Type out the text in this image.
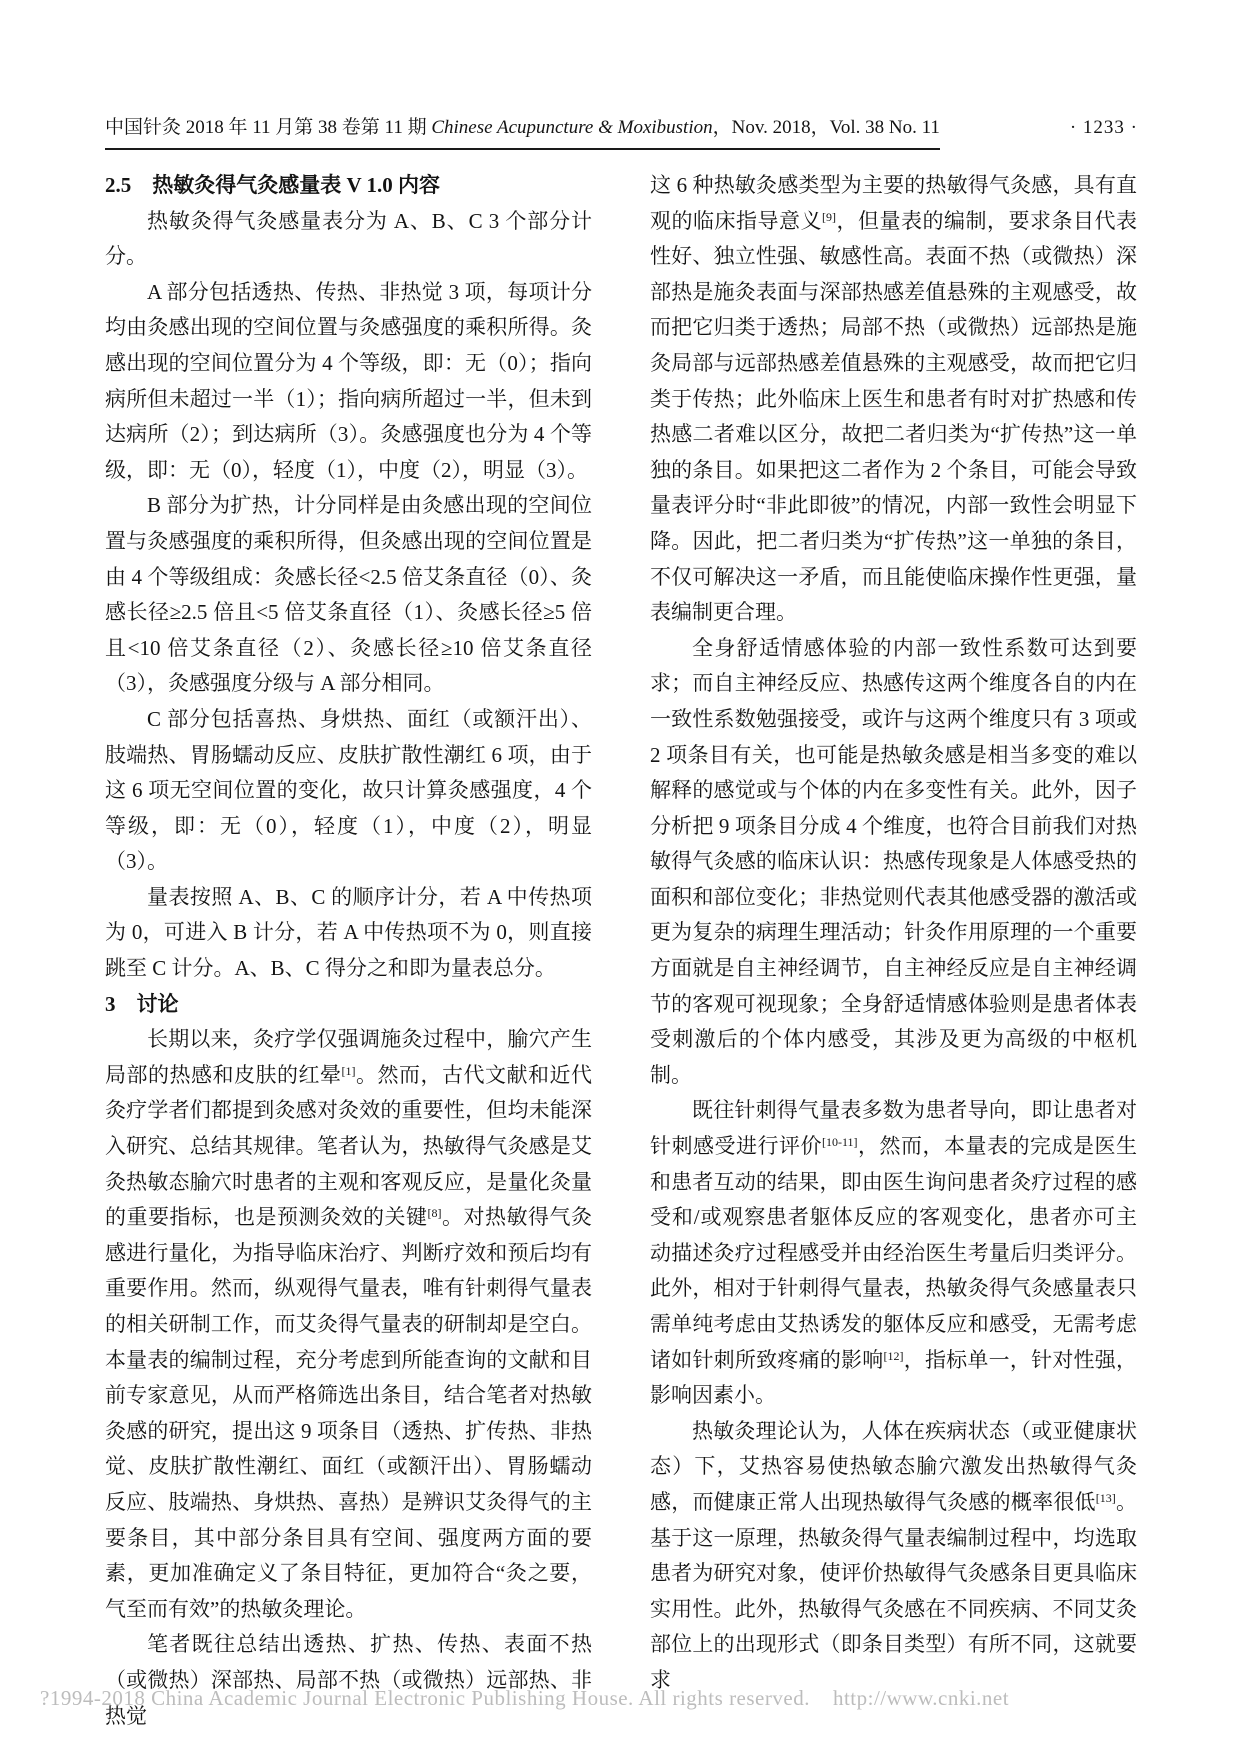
中国针灸 2018 年 11 月第 38 卷第 11 期 Chinese Acupuncture & Moxibustion，Nov. 2018，Vol. 38 No. 11	· 1233 ·
2.5　热敏灸得气灸感量表 V 1.0 内容
热敏灸得气灸感量表分为 A、B、C 3 个部分计分。
A 部分包括透热、传热、非热觉 3 项，每项计分均由灸感出现的空间位置与灸感强度的乘积所得。灸感出现的空间位置分为 4 个等级，即：无（0）；指向病所但未超过一半（1）；指向病所超过一半，但未到达病所（2）；到达病所（3）。灸感强度也分为 4 个等级，即：无（0），轻度（1），中度（2），明显（3）。
B 部分为扩热，计分同样是由灸感出现的空间位置与灸感强度的乘积所得，但灸感出现的空间位置是由 4 个等级组成：灸感长径<2.5 倍艾条直径（0）、灸感长径≥2.5 倍且<5 倍艾条直径（1）、灸感长径≥5 倍且<10 倍艾条直径（2）、灸感长径≥10 倍艾条直径（3），灸感强度分级与 A 部分相同。
C 部分包括喜热、身烘热、面红（或额汗出）、肢端热、胃肠蠕动反应、皮肤扩散性潮红 6 项，由于这 6 项无空间位置的变化，故只计算灸感强度，4 个等级，即：无（0），轻度（1），中度（2），明显（3）。
量表按照 A、B、C 的顺序计分，若 A 中传热项为 0，可进入 B 计分，若 A 中传热项不为 0，则直接跳至 C 计分。A、B、C 得分之和即为量表总分。
3　讨论
长期以来，灸疗学仅强调施灸过程中，腧穴产生局部的热感和皮肤的红晕[1]。然而，古代文献和近代灸疗学者们都提到灸感对灸效的重要性，但均未能深入研究、总结其规律。笔者认为，热敏得气灸感是艾灸热敏态腧穴时患者的主观和客观反应，是量化灸量的重要指标，也是预测灸效的关键[8]。对热敏得气灸感进行量化，为指导临床治疗、判断疗效和预后均有重要作用。然而，纵观得气量表，唯有针刺得气量表的相关研制工作，而艾灸得气量表的研制却是空白。本量表的编制过程，充分考虑到所能查询的文献和目前专家意见，从而严格筛选出条目，结合笔者对热敏灸感的研究，提出这 9 项条目（透热、扩传热、非热觉、皮肤扩散性潮红、面红（或额汗出）、胃肠蠕动反应、肢端热、身烘热、喜热）是辨识艾灸得气的主要条目，其中部分条目具有空间、强度两方面的要素，更加准确定义了条目特征，更加符合“灸之要，气至而有效”的热敏灸理论。
笔者既往总结出透热、扩热、传热、表面不热（或微热）深部热、局部不热（或微热）远部热、非热觉
这 6 种热敏灸感类型为主要的热敏得气灸感，具有直观的临床指导意义[9]，但量表的编制，要求条目代表性好、独立性强、敏感性高。表面不热（或微热）深部热是施灸表面与深部热感差值悬殊的主观感受，故而把它归类于透热；局部不热（或微热）远部热是施灸局部与远部热感差值悬殊的主观感受，故而把它归类于传热；此外临床上医生和患者有时对扩热感和传热感二者难以区分，故把二者归类为“扩传热”这一单独的条目。如果把这二者作为 2 个条目，可能会导致量表评分时“非此即彼”的情况，内部一致性会明显下降。因此，把二者归类为“扩传热”这一单独的条目，不仅可解决这一矛盾，而且能使临床操作性更强，量表编制更合理。
全身舒适情感体验的内部一致性系数可达到要求；而自主神经反应、热感传这两个维度各自的内在一致性系数勉强接受，或许与这两个维度只有 3 项或 2 项条目有关，也可能是热敏灸感是相当多变的难以解释的感觉或与个体的内在多变性有关。此外，因子分析把 9 项条目分成 4 个维度，也符合目前我们对热敏得气灸感的临床认识：热感传现象是人体感受热的面积和部位变化；非热觉则代表其他感受器的激活或更为复杂的病理生理活动；针灸作用原理的一个重要方面就是自主神经调节，自主神经反应是自主神经调节的客观可视现象；全身舒适情感体验则是患者体表受刺激后的个体内感受，其涉及更为高级的中枢机制。
既往针刺得气量表多数为患者导向，即让患者对针刺感受进行评价[10-11]，然而，本量表的完成是医生和患者互动的结果，即由医生询问患者灸疗过程的感受和/或观察患者躯体反应的客观变化，患者亦可主动描述灸疗过程感受并由经治医生考量后归类评分。此外，相对于针刺得气量表，热敏灸得气灸感量表只需单纯考虑由艾热诱发的躯体反应和感受，无需考虑诸如针刺所致疼痛的影响[12]，指标单一，针对性强，影响因素小。
热敏灸理论认为，人体在疾病状态（或亚健康状态）下，艾热容易使热敏态腧穴激发出热敏得气灸感，而健康正常人出现热敏得气灸感的概率很低[13]。基于这一原理，热敏灸得气量表编制过程中，均选取患者为研究对象，使评价热敏得气灸感条目更具临床实用性。此外，热敏得气灸感在不同疾病、不同艾灸部位上的出现形式（即条目类型）有所不同，这就要求
?1994-2018 China Academic Journal Electronic Publishing House. All rights reserved.    http://www.cnki.net
